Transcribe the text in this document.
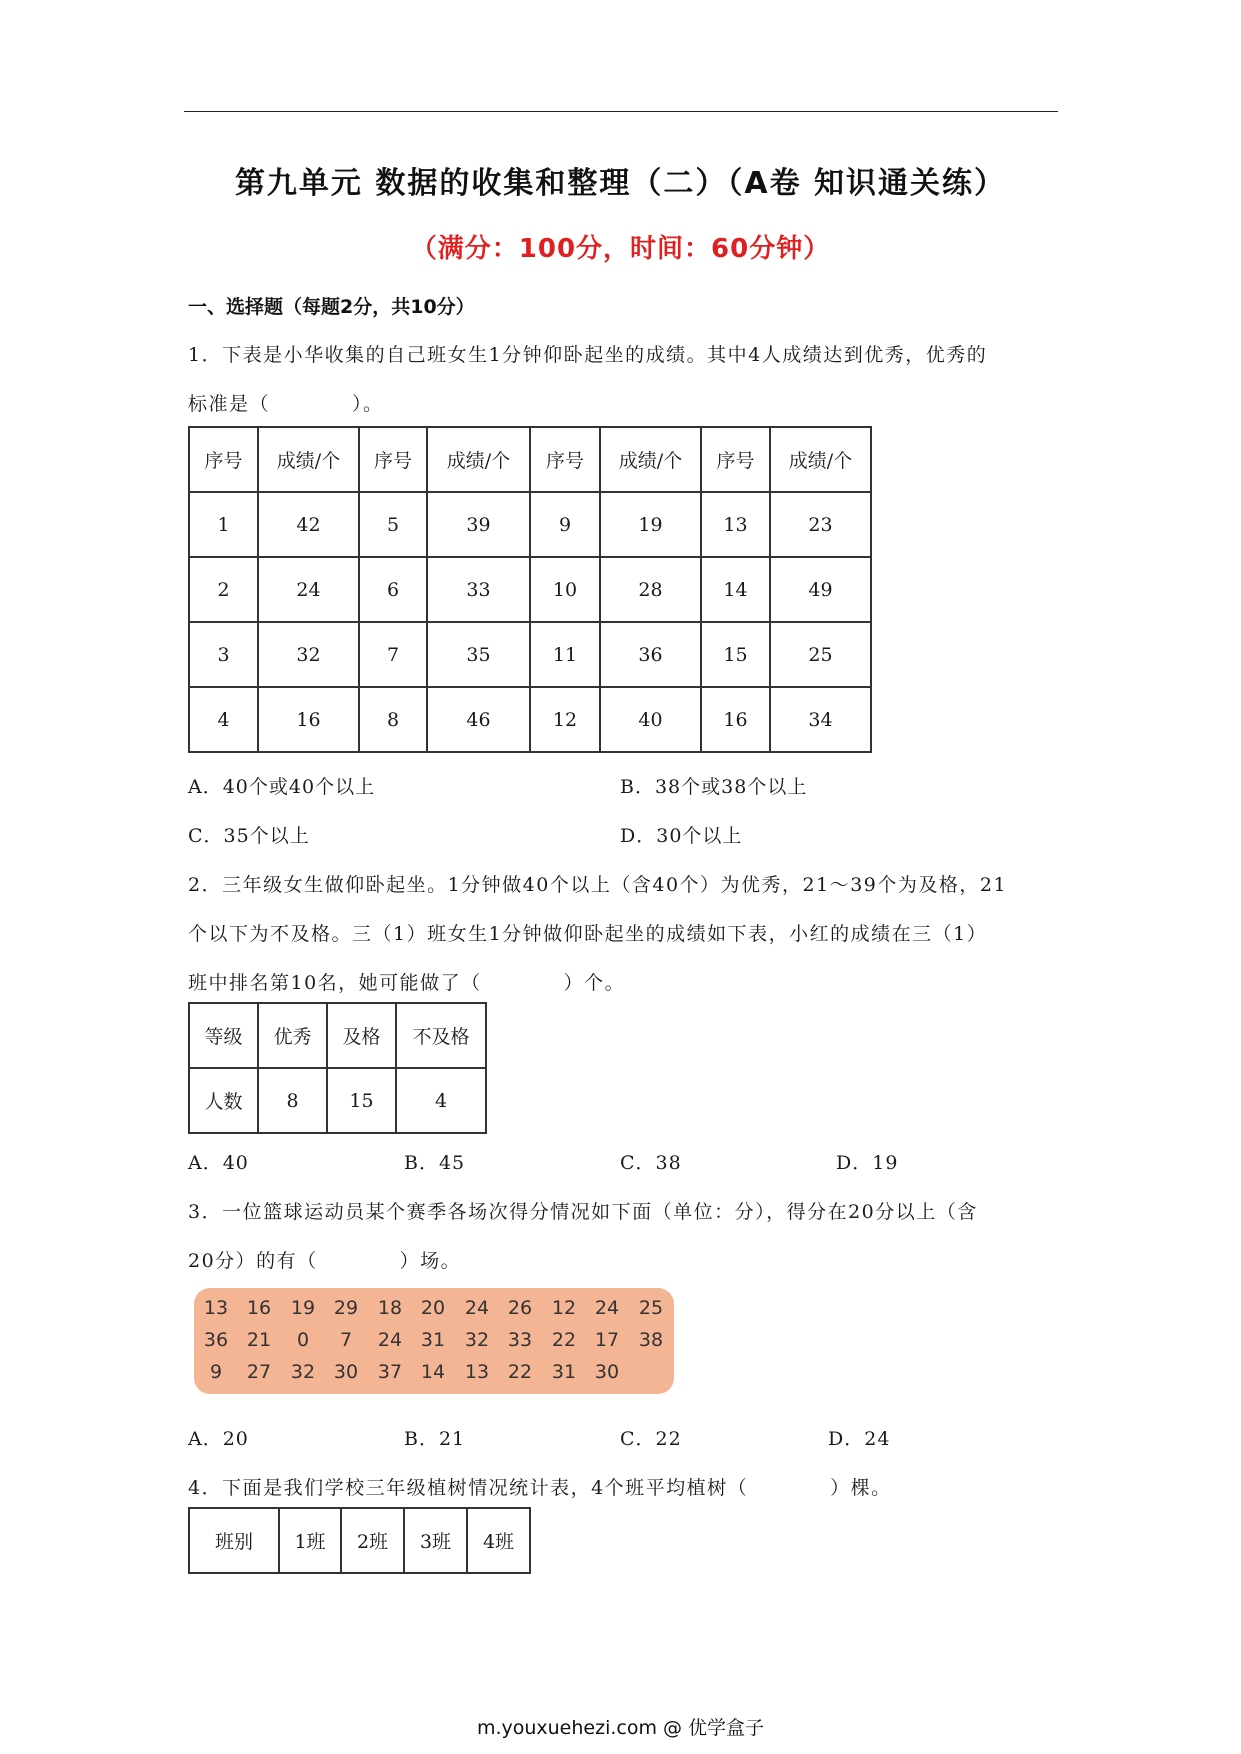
第九单元 数据的收集和整理（二）（A卷 知识通关练）
（满分：100分，时间：60分钟）
一、选择题（每题2分，共10分）
1．下表是小华收集的自己班女生1分钟仰卧起坐的成绩。其中4人成绩达到优秀，优秀的
标准是（　　　　）。
序号	成绩/个	序号	成绩/个	序号	成绩/个	序号	成绩/个
1	42	5	39	9	19	13	23
2	24	6	33	10	28	14	49
3	32	7	35	11	36	15	25
4	16	8	46	12	40	16	34
A．40个或40个以上	B．38个或38个以上
C．35个以上	D．30个以上
2．三年级女生做仰卧起坐。1分钟做40个以上（含40个）为优秀，21～39个为及格，21
个以下为不及格。三（1）班女生1分钟做仰卧起坐的成绩如下表，小红的成绩在三（1）
班中排名第10名，她可能做了（　　　　）个。
等级	优秀	及格	不及格
人数	8	15	4
A．40	B．45	C．38	D．19
3．一位篮球运动员某个赛季各场次得分情况如下面（单位：分），得分在20分以上（含
20分）的有（　　　　）场。
13 16	19 29	18 20	24 26	12 24	25
36 21	0	7	24 31	32 33	22 17	38
9	27	32 30	37 14	13 22	31 30
A．20	B．21	C．22	D．24
4．下面是我们学校三年级植树情况统计表，4个班平均植树（　　　　）棵。
班别	1班	2班	3班	4班
m.youxuehezi.com @ 优学盒子
